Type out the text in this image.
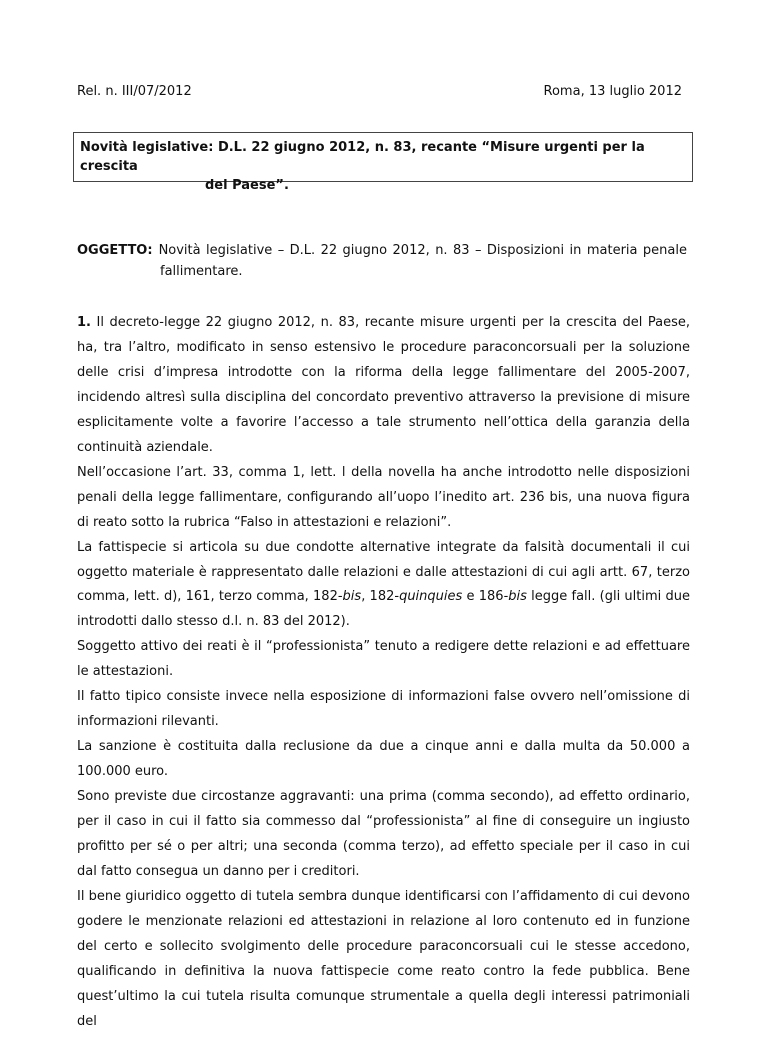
Rel. n. III/07/2012	Roma, 13 luglio 2012
Novità legislative: D.L. 22 giugno 2012, n. 83, recante “Misure urgenti per la crescita
del Paese”.
OGGETTO: Novità legislative – D.L. 22 giugno 2012, n. 83 – Disposizioni in materia penale
fallimentare.

1. Il decreto-legge 22 giugno 2012, n. 83, recante misure urgenti per la crescita del Paese, ha, tra l’altro, modificato in senso estensivo le procedure paraconcorsuali per la soluzione delle crisi d’impresa introdotte con la riforma della legge fallimentare del 2005-2007, incidendo altresì sulla disciplina del concordato preventivo attraverso la previsione di misure esplicitamente volte a favorire l’accesso a tale strumento nell’ottica della garanzia della continuità aziendale.

Nell’occasione l’art. 33, comma 1, lett. l della novella ha anche introdotto nelle disposizioni penali della legge fallimentare, configurando all’uopo l’inedito art. 236 bis, una nuova figura di reato sotto la rubrica “Falso in attestazioni e relazioni”.

La fattispecie si articola su due condotte alternative integrate da falsità documentali il cui oggetto materiale è rappresentato dalle relazioni e dalle attestazioni di cui agli artt. 67, terzo comma, lett. d), 161, terzo comma, 182-bis, 182-quinquies e 186-bis legge fall. (gli ultimi due introdotti dallo stesso d.l. n. 83 del 2012).

Soggetto attivo dei reati è il “professionista” tenuto a redigere dette relazioni e ad effettuare le attestazioni.

Il fatto tipico consiste invece nella esposizione di informazioni false ovvero nell’omissione di informazioni rilevanti.

La sanzione è costituita dalla reclusione da due a cinque anni e dalla multa da 50.000 a 100.000 euro.

Sono previste due circostanze aggravanti: una prima (comma secondo), ad effetto ordinario, per il caso in cui il fatto sia commesso dal “professionista” al fine di conseguire un ingiusto profitto per sé o per altri; una seconda (comma terzo), ad effetto speciale per il caso in cui dal fatto consegua un danno per i creditori.

Il bene giuridico oggetto di tutela sembra dunque identificarsi con l’affidamento di cui devono godere le menzionate relazioni ed attestazioni in relazione al loro contenuto ed in funzione del certo e sollecito svolgimento delle procedure paraconcorsuali cui le stesse accedono, qualificando in definitiva la nuova fattispecie come reato contro la fede pubblica. Bene quest’ultimo la cui tutela risulta comunque strumentale a quella degli interessi patrimoniali del
